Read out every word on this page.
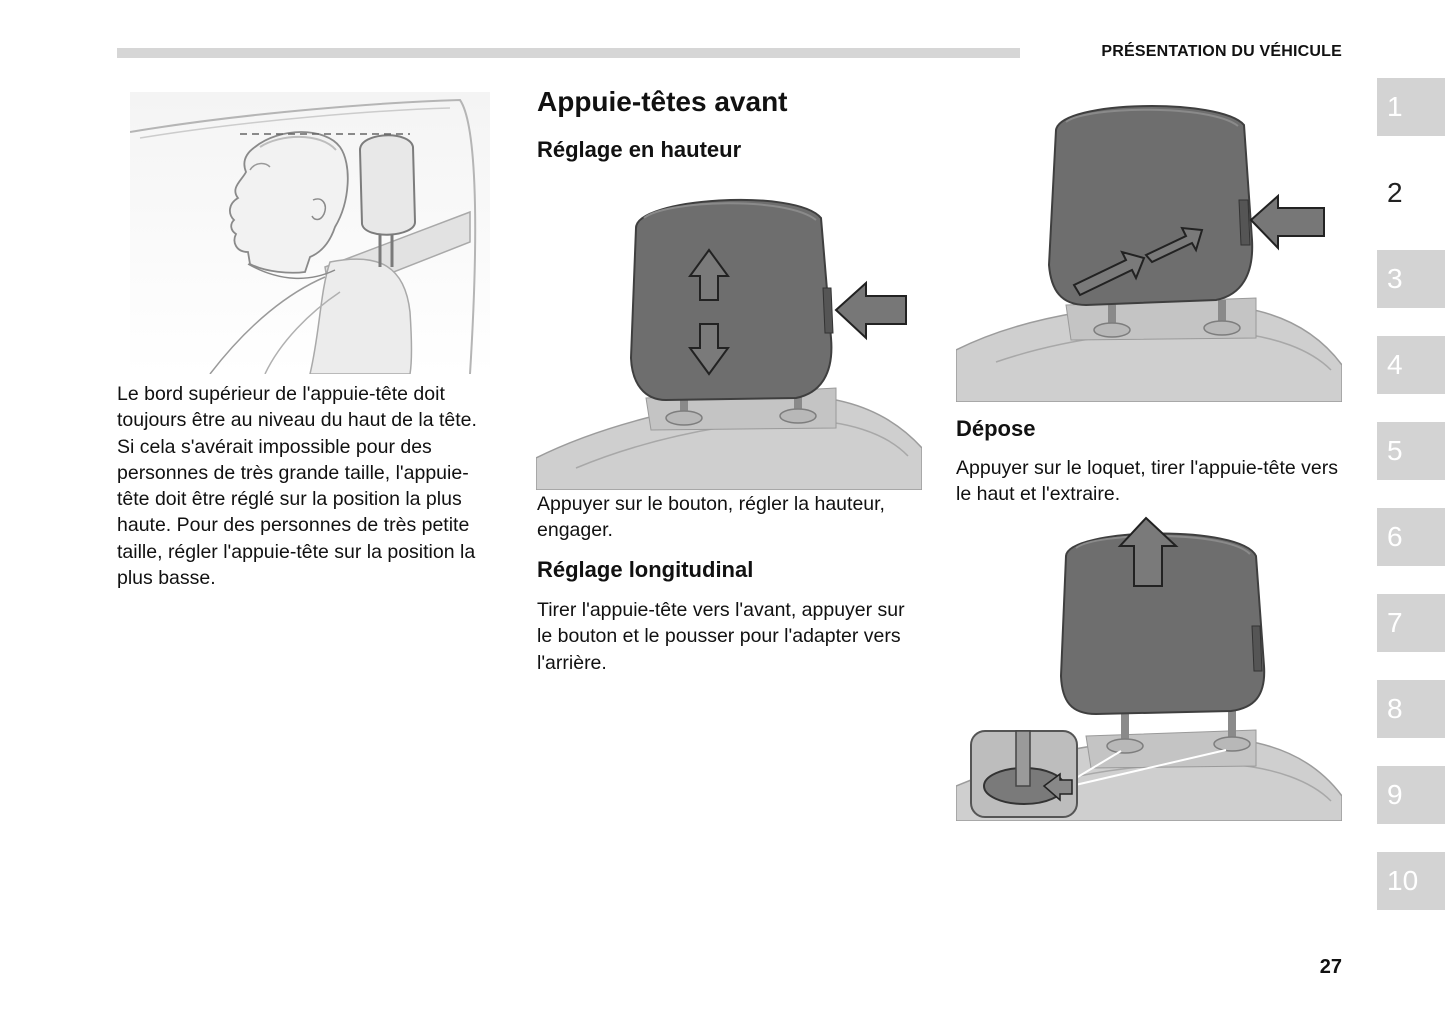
PRÉSENTATION DU VÉHICULE
1
2
3
4
5
6
7
8
9
10

Le bord supérieur de l'appuie-tête doit toujours être au niveau du haut de la tête. Si cela s'avérait impossible pour des personnes de très grande taille, l'appuie-tête doit être réglé sur la position la plus haute. Pour des personnes de très petite taille, régler l'appuie-tête sur la position la plus basse.

Appuie-têtes avant
Réglage en hauteur

Appuyer sur le bouton, régler la hauteur, engager.

Réglage longitudinal

Tirer l'appuie-tête vers l'avant, appuyer sur le bouton et le pousser pour l'adapter vers l'arrière.

Dépose

Appuyer sur le loquet, tirer l'appuie-tête vers le haut et l'extraire.

27
